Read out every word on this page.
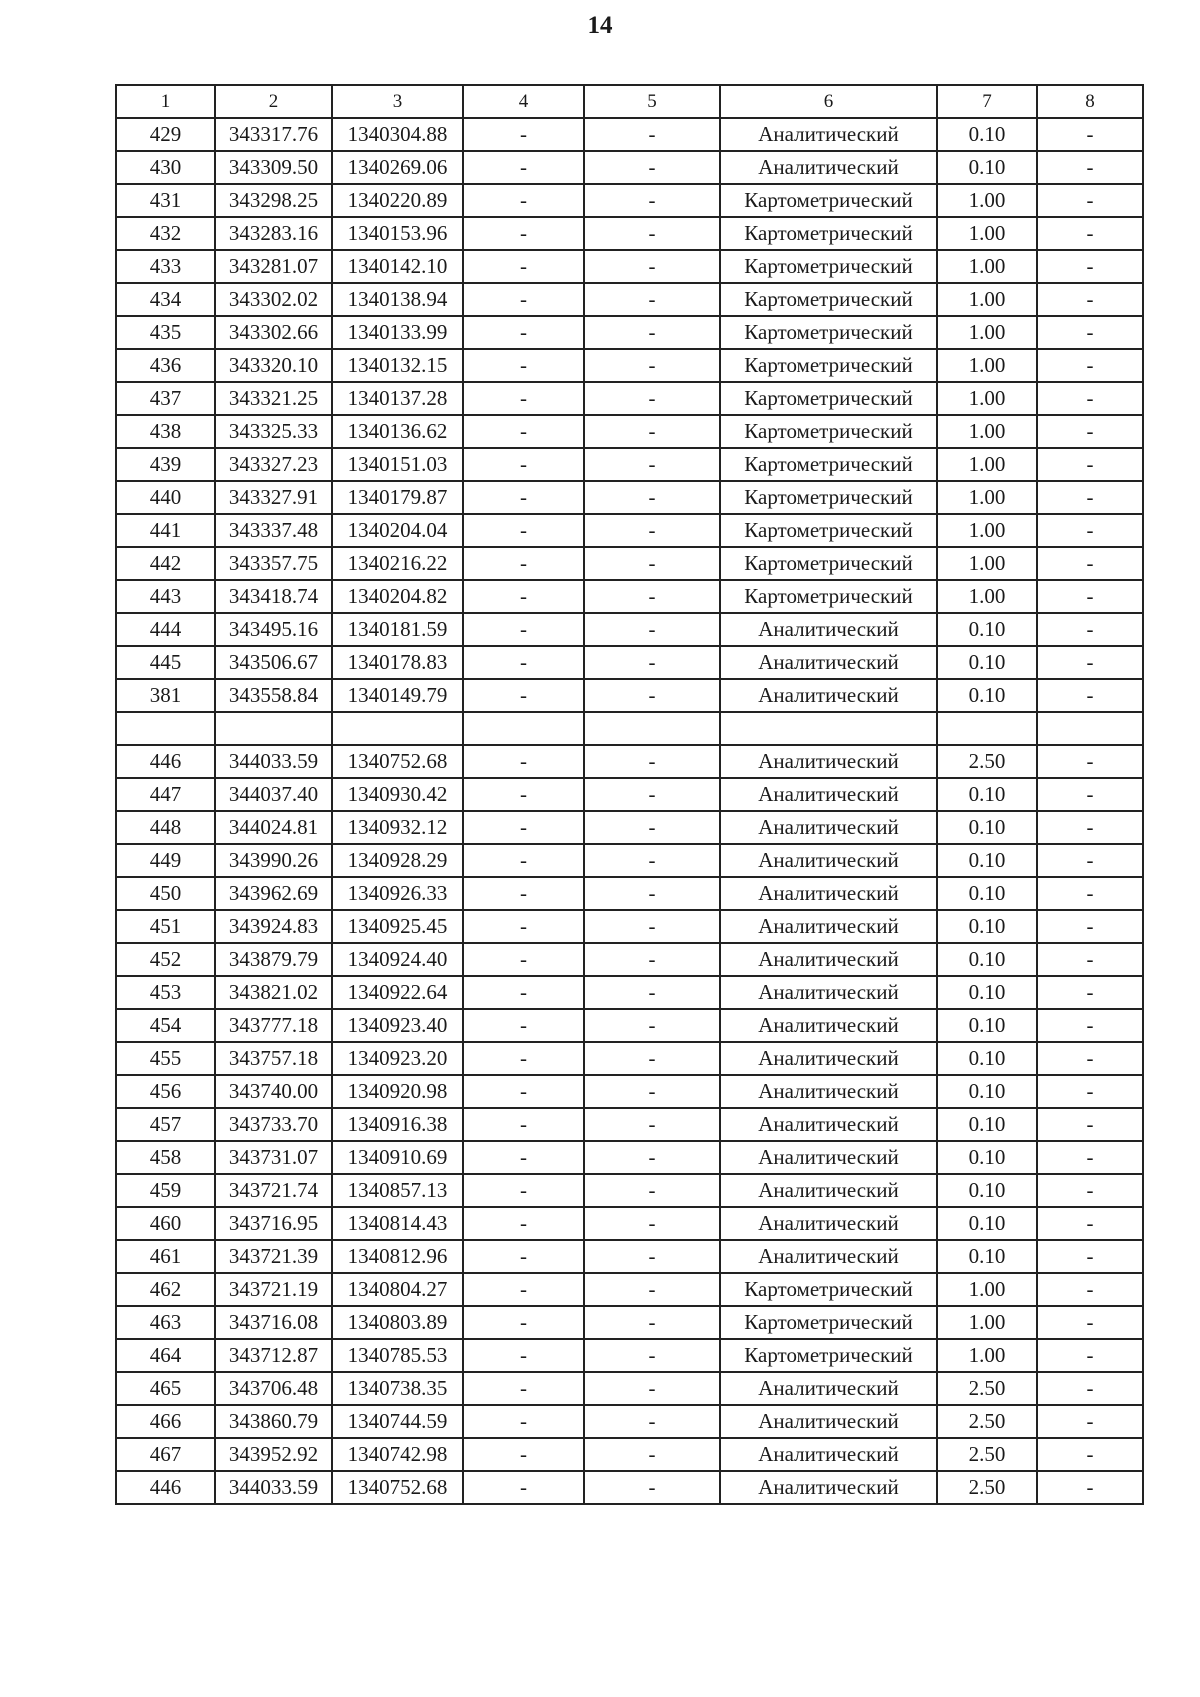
14
1	2	3	4	5	6	7	8
429	343317.76	1340304.88	-	-	Аналитический	0.10	-
430	343309.50	1340269.06	-	-	Аналитический	0.10	-
431	343298.25	1340220.89	-	-	Картометрический	1.00	-
432	343283.16	1340153.96	-	-	Картометрический	1.00	-
433	343281.07	1340142.10	-	-	Картометрический	1.00	-
434	343302.02	1340138.94	-	-	Картометрический	1.00	-
435	343302.66	1340133.99	-	-	Картометрический	1.00	-
436	343320.10	1340132.15	-	-	Картометрический	1.00	-
437	343321.25	1340137.28	-	-	Картометрический	1.00	-
438	343325.33	1340136.62	-	-	Картометрический	1.00	-
439	343327.23	1340151.03	-	-	Картометрический	1.00	-
440	343327.91	1340179.87	-	-	Картометрический	1.00	-
441	343337.48	1340204.04	-	-	Картометрический	1.00	-
442	343357.75	1340216.22	-	-	Картометрический	1.00	-
443	343418.74	1340204.82	-	-	Картометрический	1.00	-
444	343495.16	1340181.59	-	-	Аналитический	0.10	-
445	343506.67	1340178.83	-	-	Аналитический	0.10	-
381	343558.84	1340149.79	-	-	Аналитический	0.10	-

446	344033.59	1340752.68	-	-	Аналитический	2.50	-
447	344037.40	1340930.42	-	-	Аналитический	0.10	-
448	344024.81	1340932.12	-	-	Аналитический	0.10	-
449	343990.26	1340928.29	-	-	Аналитический	0.10	-
450	343962.69	1340926.33	-	-	Аналитический	0.10	-
451	343924.83	1340925.45	-	-	Аналитический	0.10	-
452	343879.79	1340924.40	-	-	Аналитический	0.10	-
453	343821.02	1340922.64	-	-	Аналитический	0.10	-
454	343777.18	1340923.40	-	-	Аналитический	0.10	-
455	343757.18	1340923.20	-	-	Аналитический	0.10	-
456	343740.00	1340920.98	-	-	Аналитический	0.10	-
457	343733.70	1340916.38	-	-	Аналитический	0.10	-
458	343731.07	1340910.69	-	-	Аналитический	0.10	-
459	343721.74	1340857.13	-	-	Аналитический	0.10	-
460	343716.95	1340814.43	-	-	Аналитический	0.10	-
461	343721.39	1340812.96	-	-	Аналитический	0.10	-
462	343721.19	1340804.27	-	-	Картометрический	1.00	-
463	343716.08	1340803.89	-	-	Картометрический	1.00	-
464	343712.87	1340785.53	-	-	Картометрический	1.00	-
465	343706.48	1340738.35	-	-	Аналитический	2.50	-
466	343860.79	1340744.59	-	-	Аналитический	2.50	-
467	343952.92	1340742.98	-	-	Аналитический	2.50	-
446	344033.59	1340752.68	-	-	Аналитический	2.50	-
